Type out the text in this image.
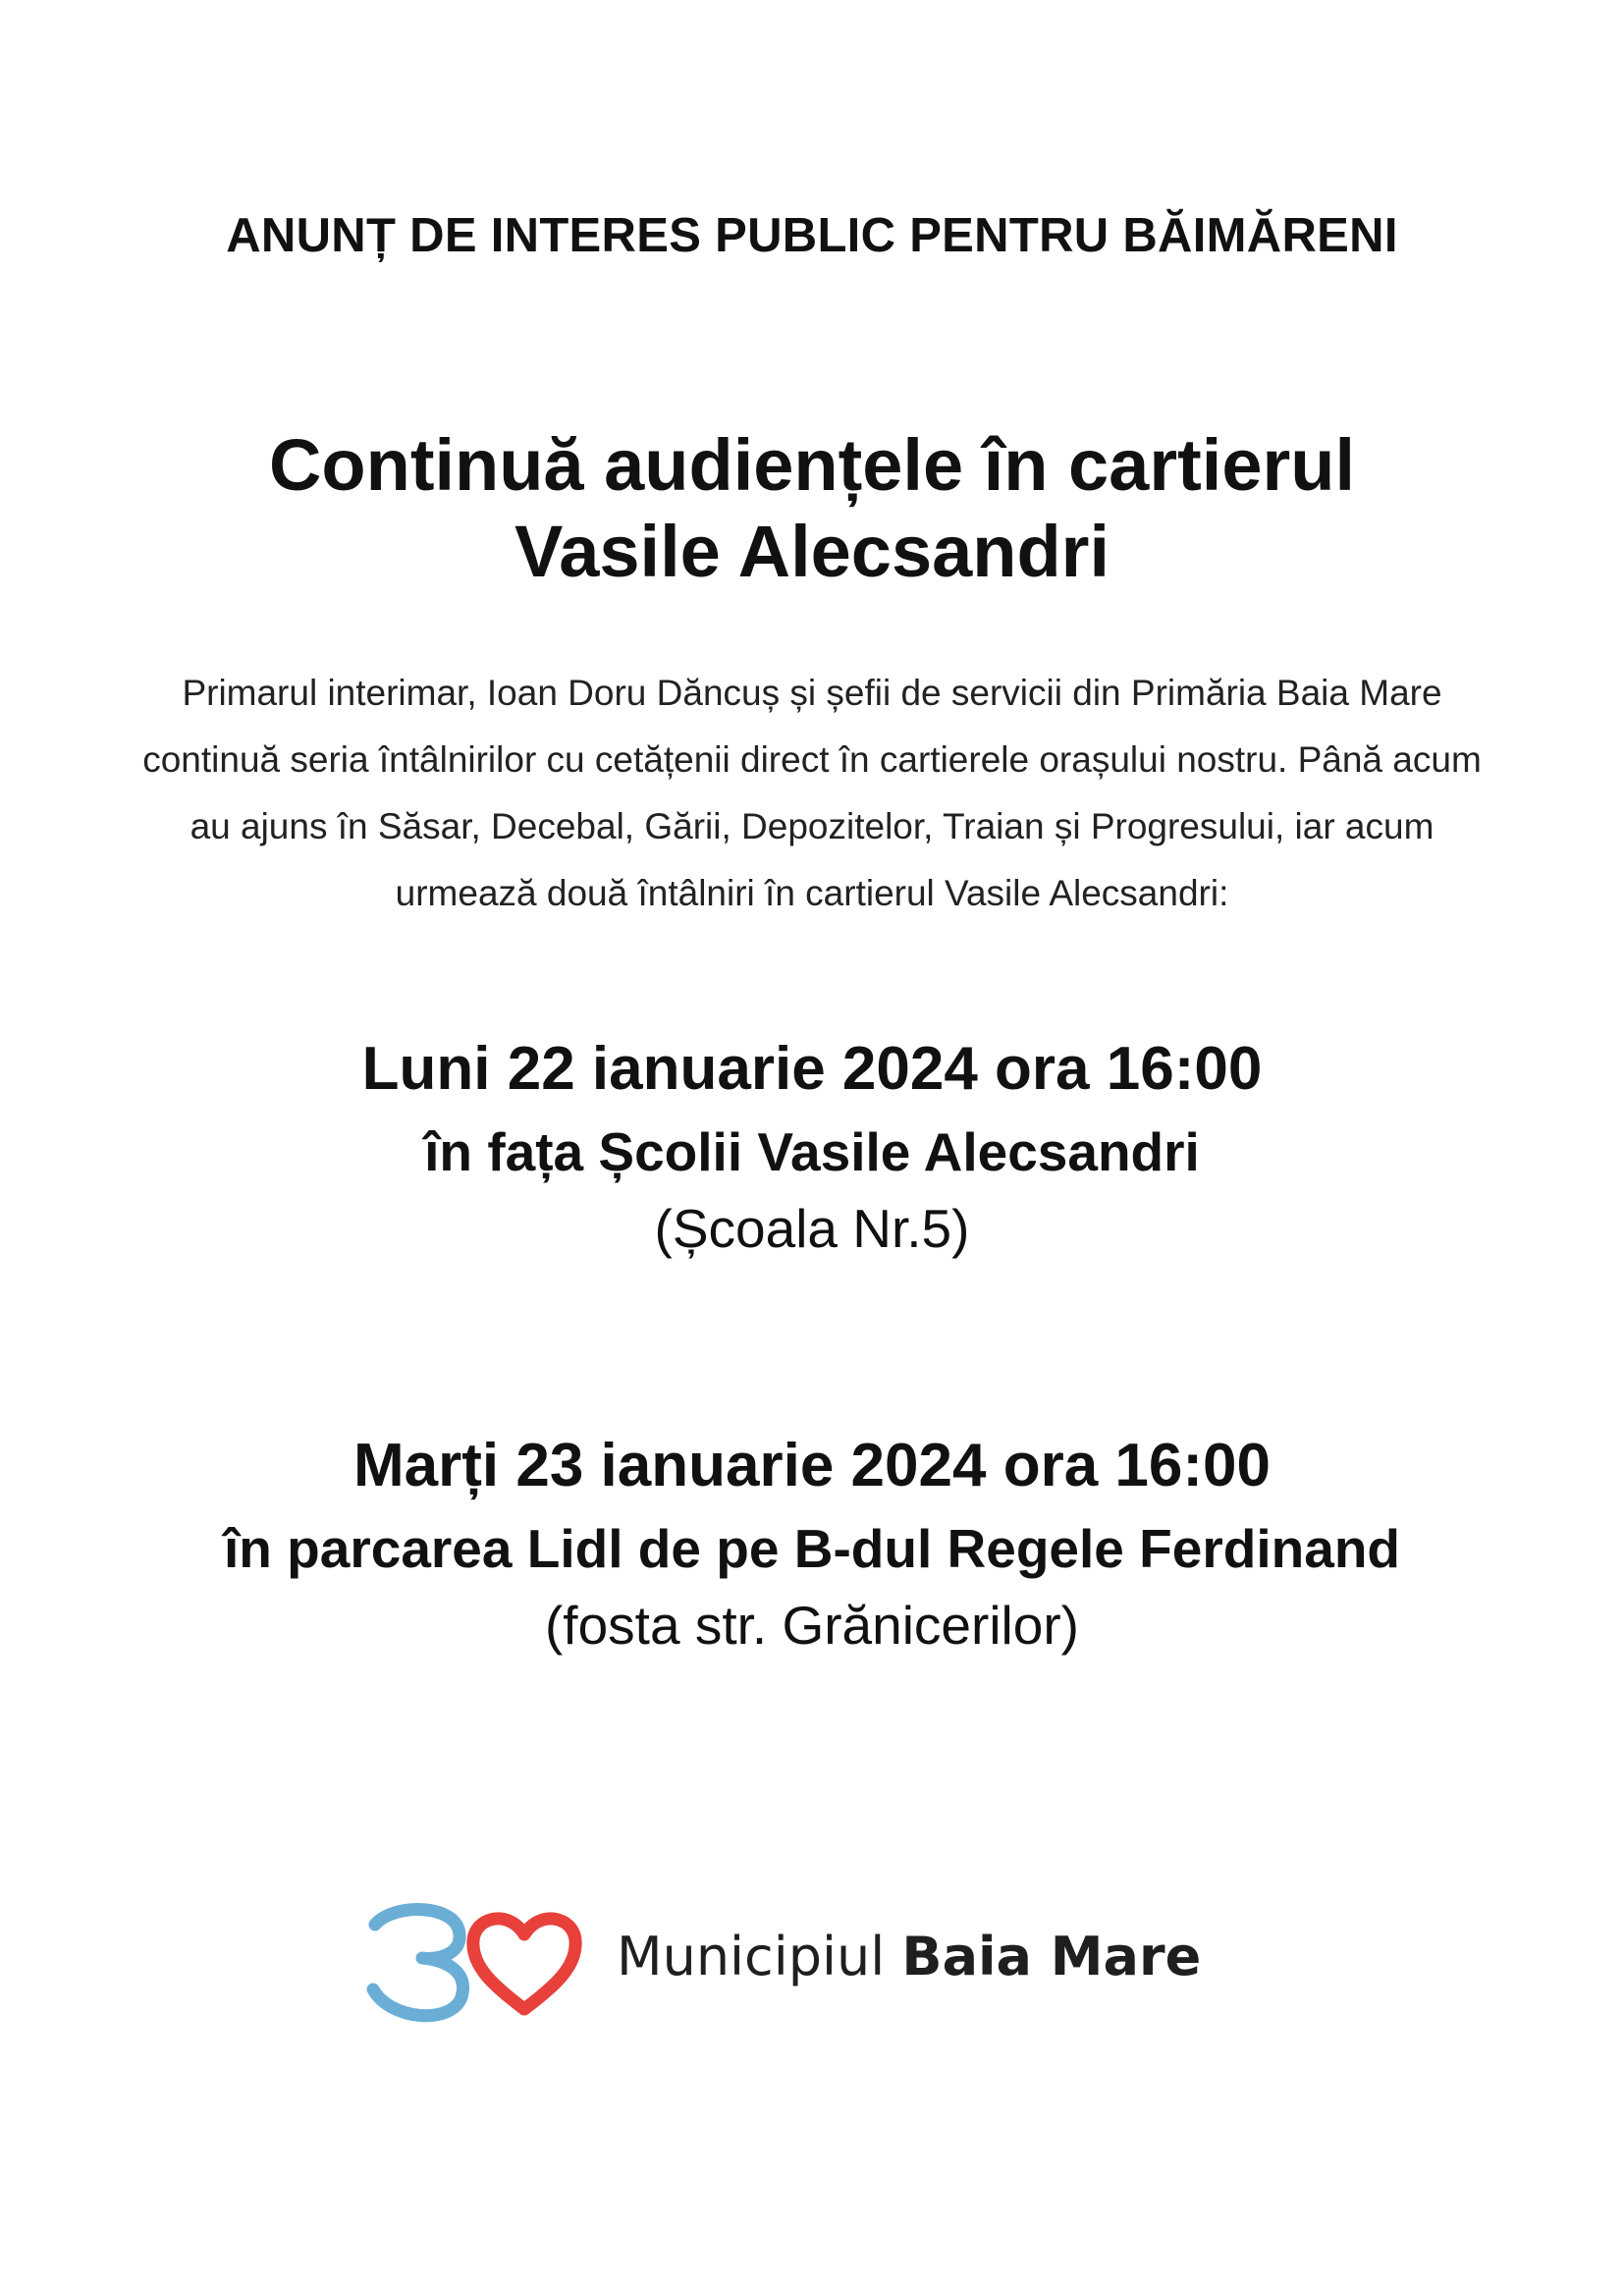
ANUNȚ DE INTERES PUBLIC PENTRU BĂIMĂRENI
Continuă audiențele în cartierul
Vasile Alecsandri

Primarul interimar, Ioan Doru Dăncuș și șefii de servicii din Primăria Baia Mare
continuă seria întâlnirilor cu cetățenii direct în cartierele orașului nostru. Până acum
au ajuns în Săsar, Decebal, Gării, Depozitelor, Traian și Progresului, iar acum
urmează două întâlniri în cartierul Vasile Alecsandri:

Luni 22 ianuarie 2024 ora 16:00
în fața Școlii Vasile Alecsandri
(Școala Nr.5)
Marți 23 ianuarie 2024 ora 16:00
în parcarea Lidl de pe B-dul Regele Ferdinand
(fosta str. Grănicerilor)
Municipiul Baia Mare
